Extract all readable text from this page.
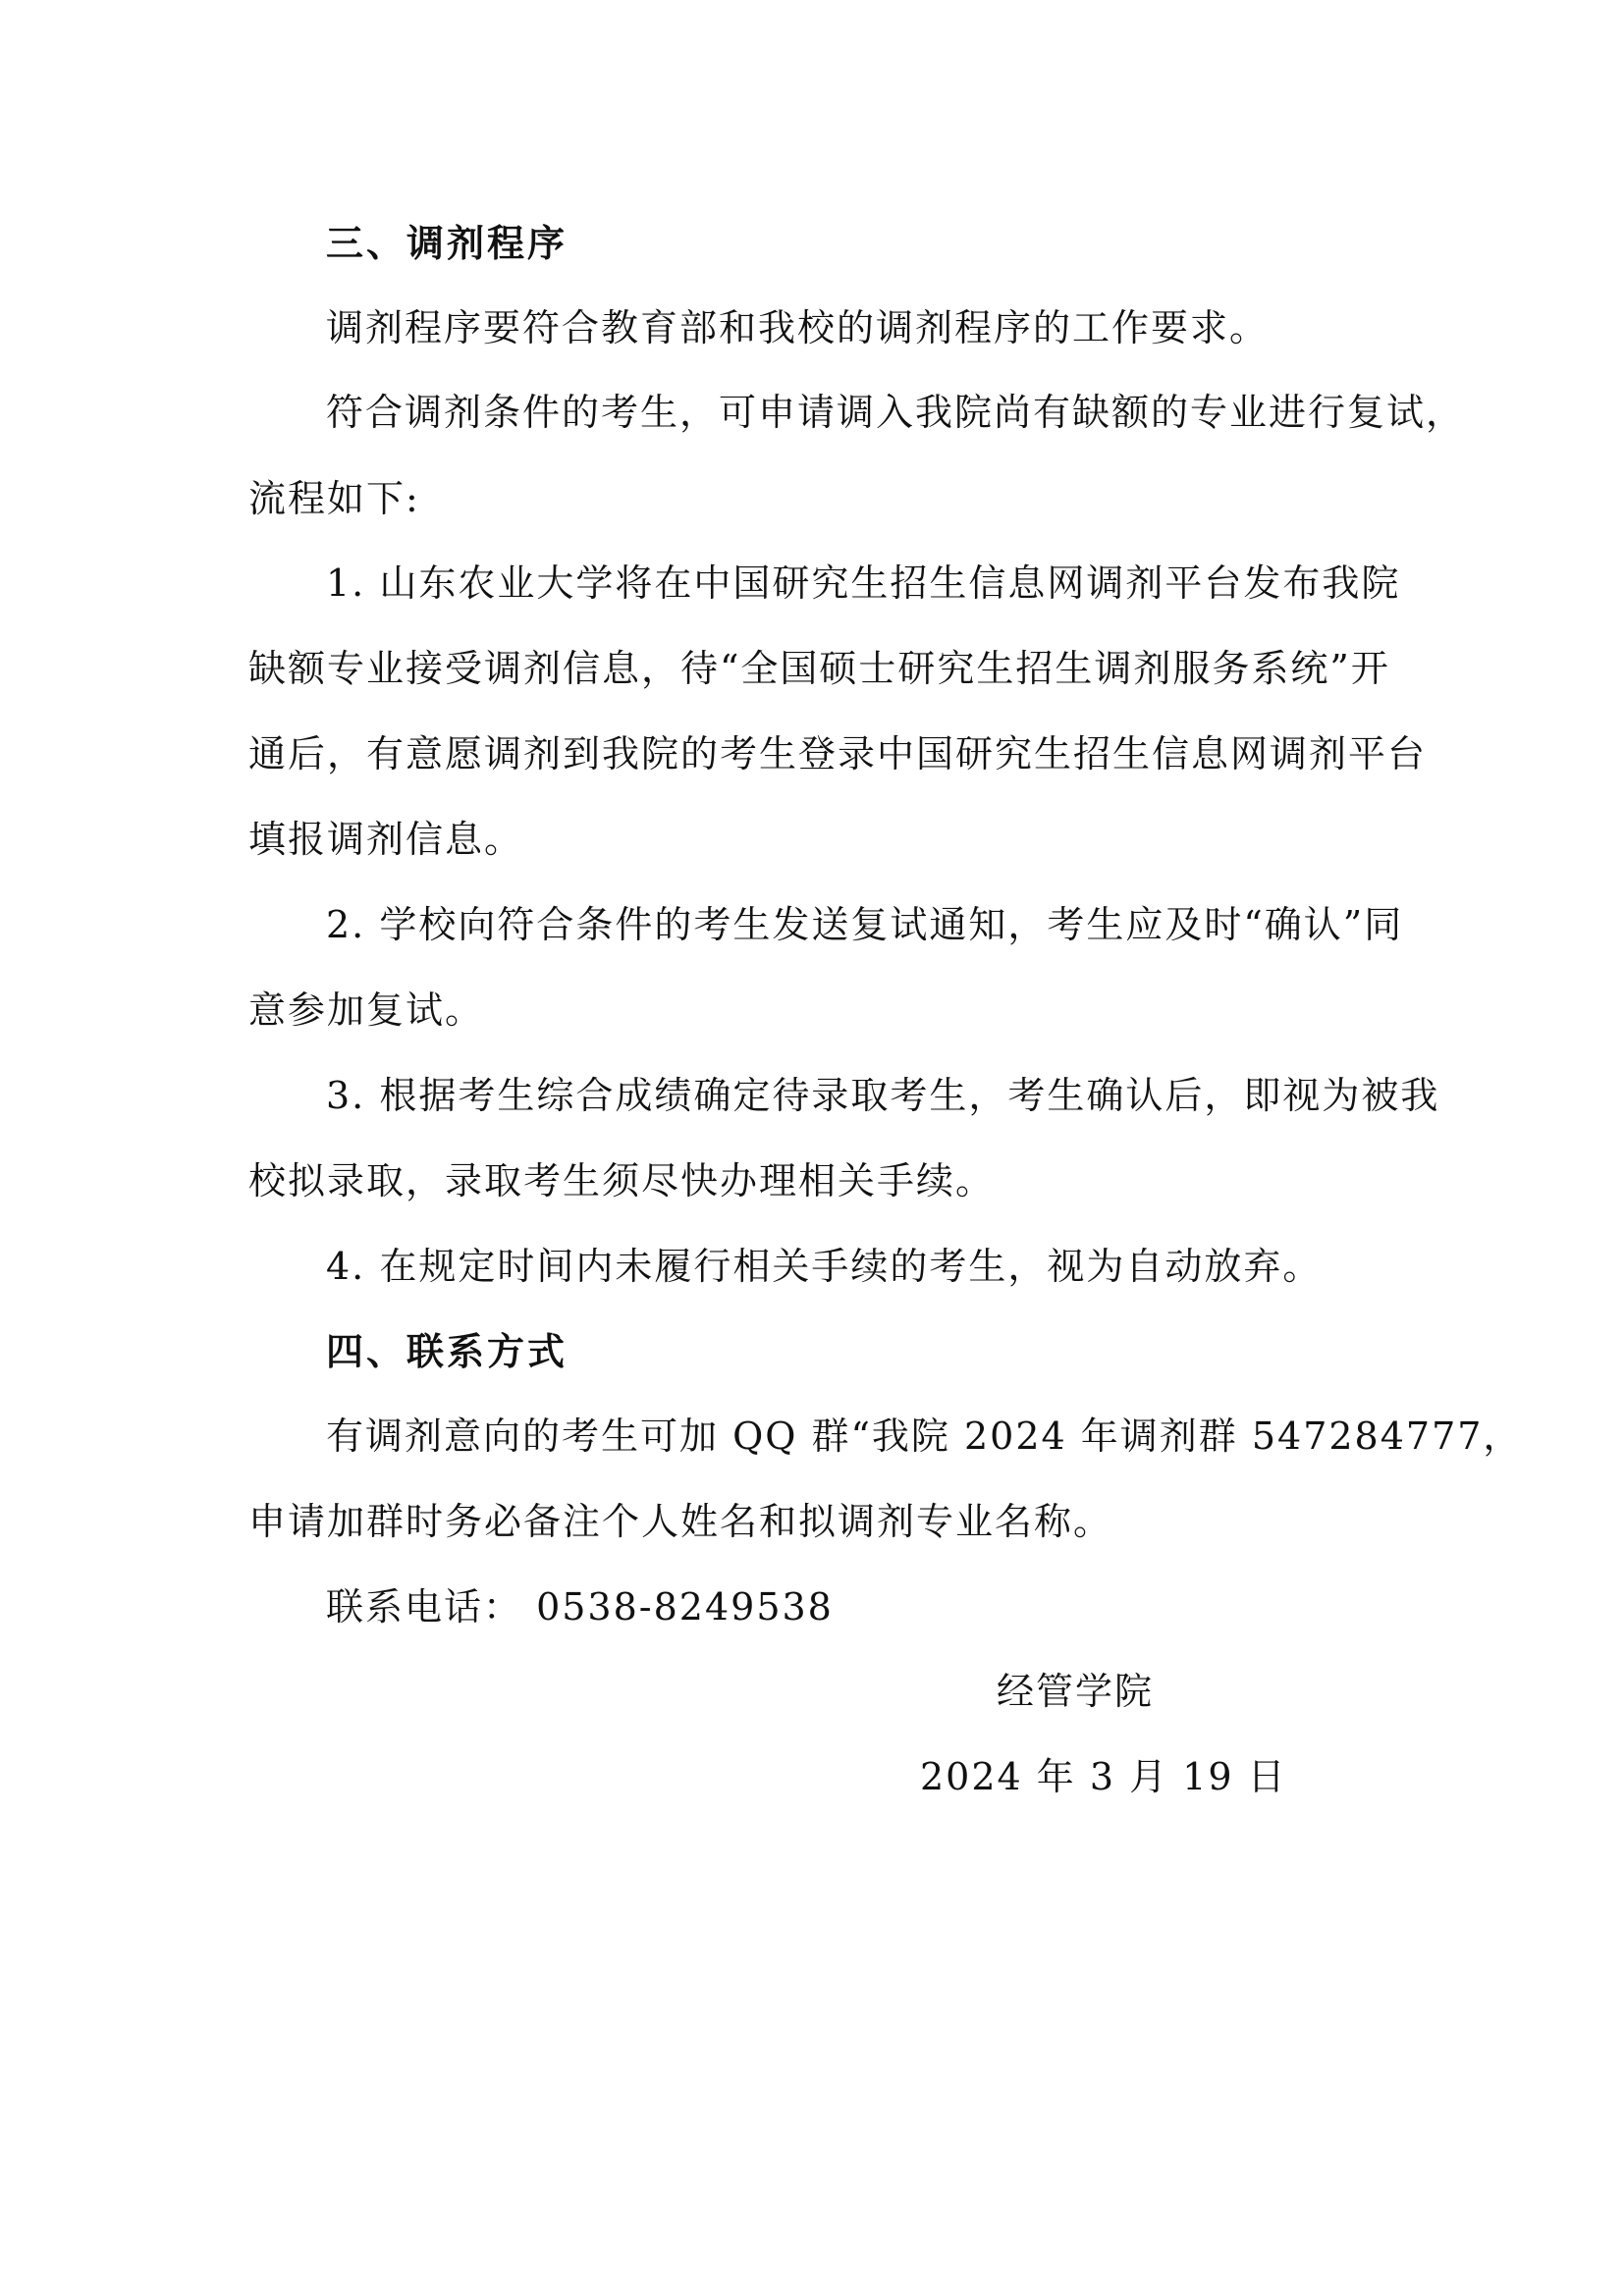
三、调剂程序
调剂程序要符合教育部和我校的调剂程序的工作要求。
符合调剂条件的考生，可申请调入我院尚有缺额的专业进行复试，
流程如下:
1. 山东农业大学将在中国研究生招生信息网调剂平台发布我院
缺额专业接受调剂信息，待“全国硕士研究生招生调剂服务系统”开
通后，有意愿调剂到我院的考生登录中国研究生招生信息网调剂平台
填报调剂信息。
2. 学校向符合条件的考生发送复试通知，考生应及时“确认”同
意参加复试。
3. 根据考生综合成绩确定待录取考生，考生确认后，即视为被我
校拟录取，录取考生须尽快办理相关手续。
4. 在规定时间内未履行相关手续的考生，视为自动放弃。
四、联系方式
有调剂意向的考生可加 QQ 群“我院 2024 年调剂群 547284777，
申请加群时务必备注个人姓名和拟调剂专业名称。
联系电话： 0538-8249538
经管学院
2024 年 3 月 19 日
